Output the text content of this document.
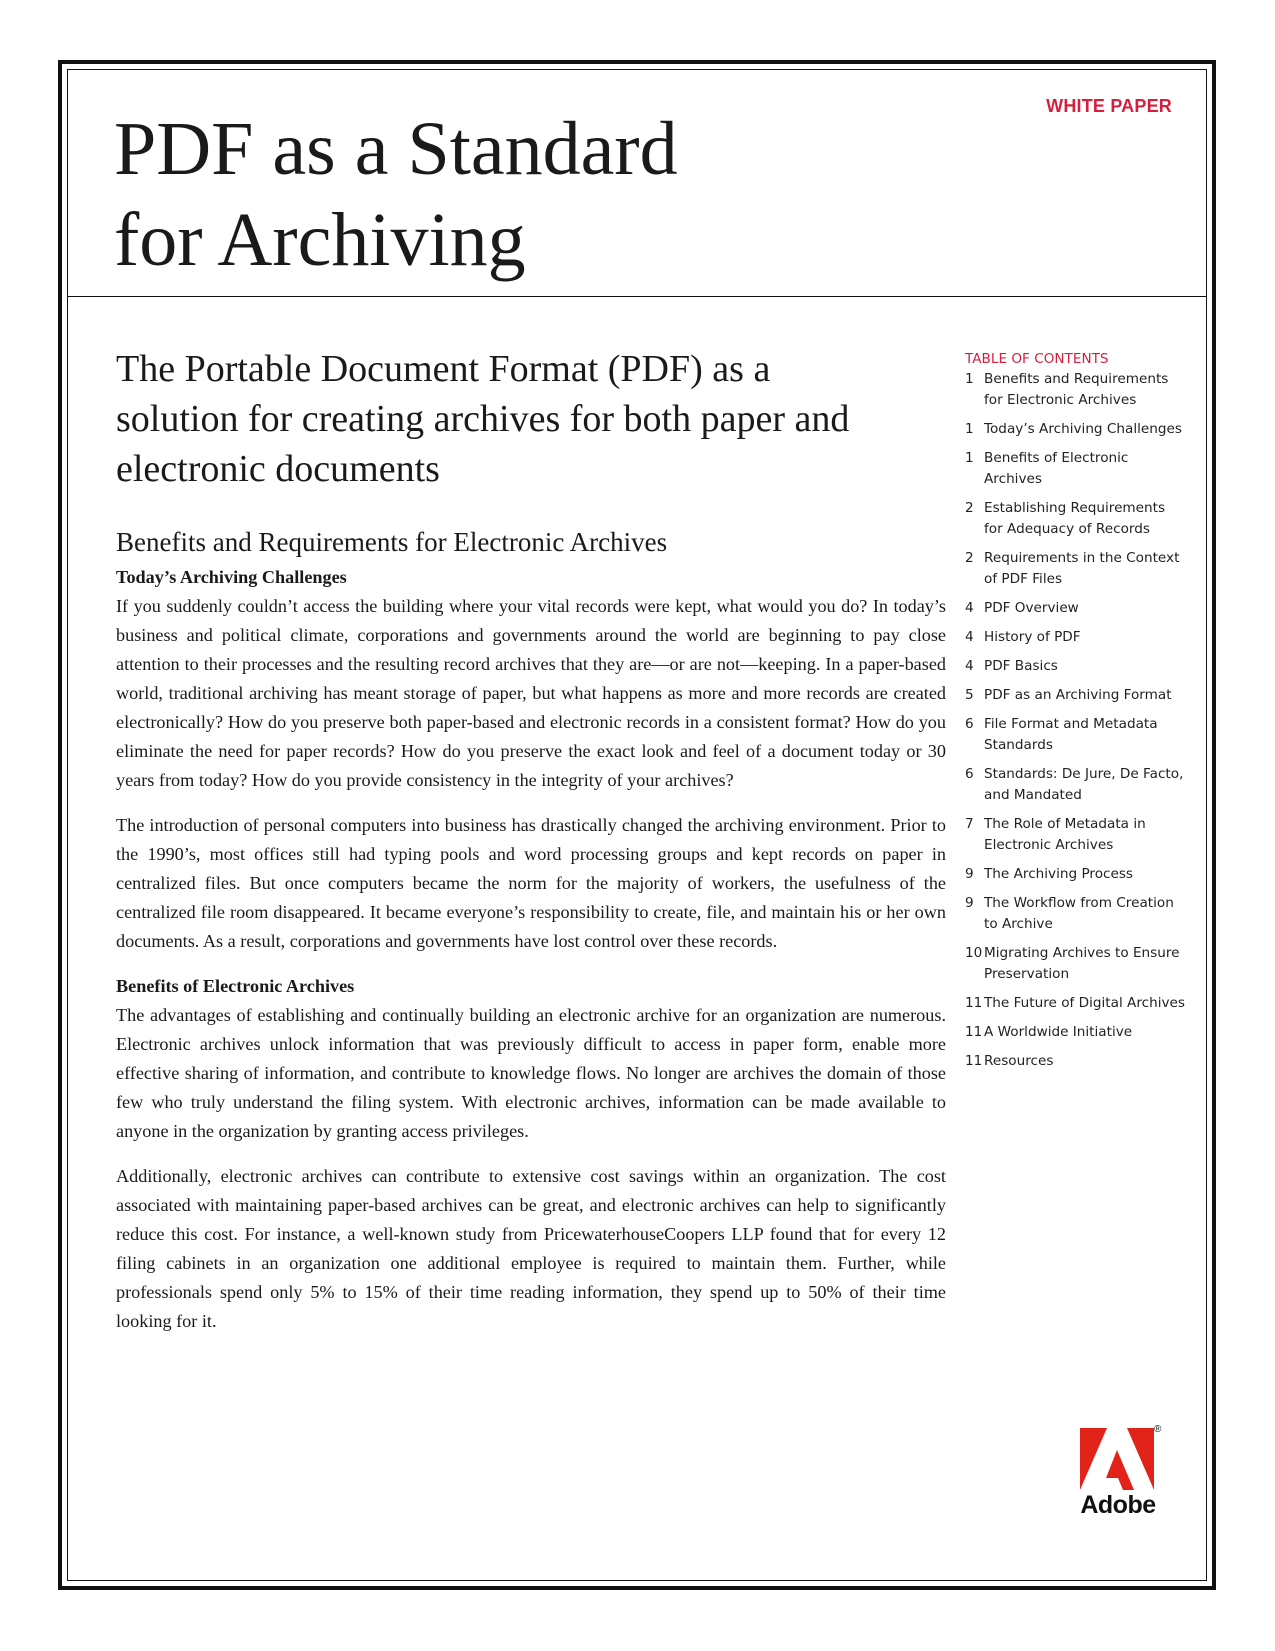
WHITE PAPER
PDF as a Standard
for Archiving
The Portable Document Format (PDF) as a solution for creating archives for both paper and electronic documents
Benefits and Requirements for Electronic Archives
Today’s Archiving Challenges

If you suddenly couldn’t access the building where your vital records were kept, what would you do? In today’s business and political climate, corporations and governments around the world are beginning to pay close attention to their processes and the resulting record archives that they are—or are not—keeping. In a paper-based world, traditional archiving has meant storage of paper, but what happens as more and more records are created electronically? How do you preserve both paper-based and electronic records in a consistent format? How do you eliminate the need for paper records? How do you preserve the exact look and feel of a document today or 30 years from today? How do you provide consistency in the integrity of your archives?

The introduction of personal computers into business has drastically changed the archiving environment. Prior to the 1990’s, most offices still had typing pools and word processing groups and kept records on paper in centralized files. But once computers became the norm for the majority of workers, the usefulness of the centralized file room disappeared. It became everyone’s responsibility to create, file, and maintain his or her own documents. As a result, corporations and governments have lost control over these records.

Benefits of Electronic Archives

The advantages of establishing and continually building an electronic archive for an organization are numerous. Electronic archives unlock information that was previously difficult to access in paper form, enable more effective sharing of information, and contribute to knowledge flows. No longer are archives the domain of those few who truly understand the filing system. With electronic archives, information can be made available to anyone in the organization by granting access privileges.

Additionally, electronic archives can contribute to extensive cost savings within an organization. The cost associated with maintaining paper-based archives can be great, and electronic archives can help to significantly reduce this cost. For instance, a well-known study from PricewaterhouseCoopers LLP found that for every 12 filing cabinets in an organization one additional employee is required to maintain them. Further, while professionals spend only 5% to 15% of their time reading information, they spend up to 50% of their time looking for it.

TABLE OF CONTENTS
1 Benefits and Requirements for Electronic Archives
1 Today’s Archiving Challenges
1 Benefits of Electronic Archives
2 Establishing Requirements for Adequacy of Records
2 Requirements in the Context of PDF Files
4 PDF Overview
4 History of PDF
4 PDF Basics
5 PDF as an Archiving Format
6 File Format and Metadata Standards
6 Standards: De Jure, De Facto, and Mandated
7 The Role of Metadata in Electronic Archives
9 The Archiving Process
9 The Workflow from Creation to Archive
10 Migrating Archives to Ensure Preservation
11 The Future of Digital Archives
11 A Worldwide Initiative
11 Resources
®
Adobe
